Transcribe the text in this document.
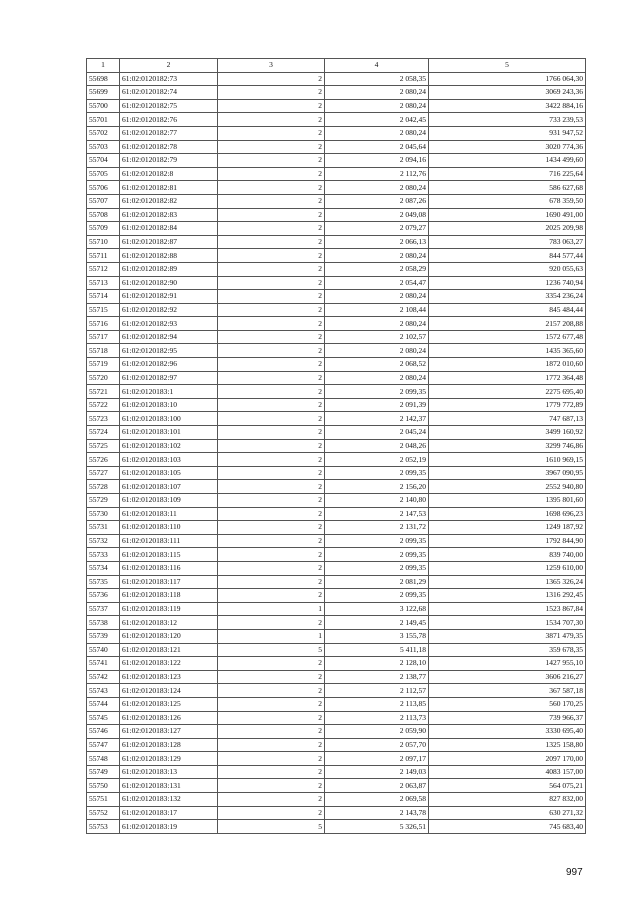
1	2	3	4	5
55698	61:02:0120182:73	2	2 058,35	1766 064,30
55699	61:02:0120182:74	2	2 080,24	3069 243,36
55700	61:02:0120182:75	2	2 080,24	3422 884,16
55701	61:02:0120182:76	2	2 042,45	733 239,53
55702	61:02:0120182:77	2	2 080,24	931 947,52
55703	61:02:0120182:78	2	2 045,64	3020 774,36
55704	61:02:0120182:79	2	2 094,16	1434 499,60
55705	61:02:0120182:8	2	2 112,76	716 225,64
55706	61:02:0120182:81	2	2 080,24	586 627,68
55707	61:02:0120182:82	2	2 087,26	678 359,50
55708	61:02:0120182:83	2	2 049,08	1690 491,00
55709	61:02:0120182:84	2	2 079,27	2025 209,98
55710	61:02:0120182:87	2	2 066,13	783 063,27
55711	61:02:0120182:88	2	2 080,24	844 577,44
55712	61:02:0120182:89	2	2 058,29	920 055,63
55713	61:02:0120182:90	2	2 054,47	1236 740,94
55714	61:02:0120182:91	2	2 080,24	3354 236,24
55715	61:02:0120182:92	2	2 108,44	845 484,44
55716	61:02:0120182:93	2	2 080,24	2157 208,88
55717	61:02:0120182:94	2	2 102,57	1572 677,48
55718	61:02:0120182:95	2	2 080,24	1435 365,60
55719	61:02:0120182:96	2	2 068,52	1872 010,60
55720	61:02:0120182:97	2	2 080,24	1772 364,48
55721	61:02:0120183:1	2	2 099,35	2275 695,40
55722	61:02:0120183:10	2	2 091,39	1779 772,89
55723	61:02:0120183:100	2	2 142,37	747 687,13
55724	61:02:0120183:101	2	2 045,24	3499 160,92
55725	61:02:0120183:102	2	2 048,26	3299 746,86
55726	61:02:0120183:103	2	2 052,19	1610 969,15
55727	61:02:0120183:105	2	2 099,35	3967 090,95
55728	61:02:0120183:107	2	2 156,20	2552 940,80
55729	61:02:0120183:109	2	2 140,80	1395 801,60
55730	61:02:0120183:11	2	2 147,53	1698 696,23
55731	61:02:0120183:110	2	2 131,72	1249 187,92
55732	61:02:0120183:111	2	2 099,35	1792 844,90
55733	61:02:0120183:115	2	2 099,35	839 740,00
55734	61:02:0120183:116	2	2 099,35	1259 610,00
55735	61:02:0120183:117	2	2 081,29	1365 326,24
55736	61:02:0120183:118	2	2 099,35	1316 292,45
55737	61:02:0120183:119	1	3 122,68	1523 867,84
55738	61:02:0120183:12	2	2 149,45	1534 707,30
55739	61:02:0120183:120	1	3 155,78	3871 479,35
55740	61:02:0120183:121	5	5 411,18	359 678,35
55741	61:02:0120183:122	2	2 128,10	1427 955,10
55742	61:02:0120183:123	2	2 138,77	3606 216,27
55743	61:02:0120183:124	2	2 112,57	367 587,18
55744	61:02:0120183:125	2	2 113,85	560 170,25
55745	61:02:0120183:126	2	2 113,73	739 966,37
55746	61:02:0120183:127	2	2 059,90	3330 695,40
55747	61:02:0120183:128	2	2 057,70	1325 158,80
55748	61:02:0120183:129	2	2 097,17	2097 170,00
55749	61:02:0120183:13	2	2 149,03	4083 157,00
55750	61:02:0120183:131	2	2 063,87	564 075,21
55751	61:02:0120183:132	2	2 069,58	827 832,00
55752	61:02:0120183:17	2	2 143,78	630 271,32
55753	61:02:0120183:19	5	5 326,51	745 683,40
997
